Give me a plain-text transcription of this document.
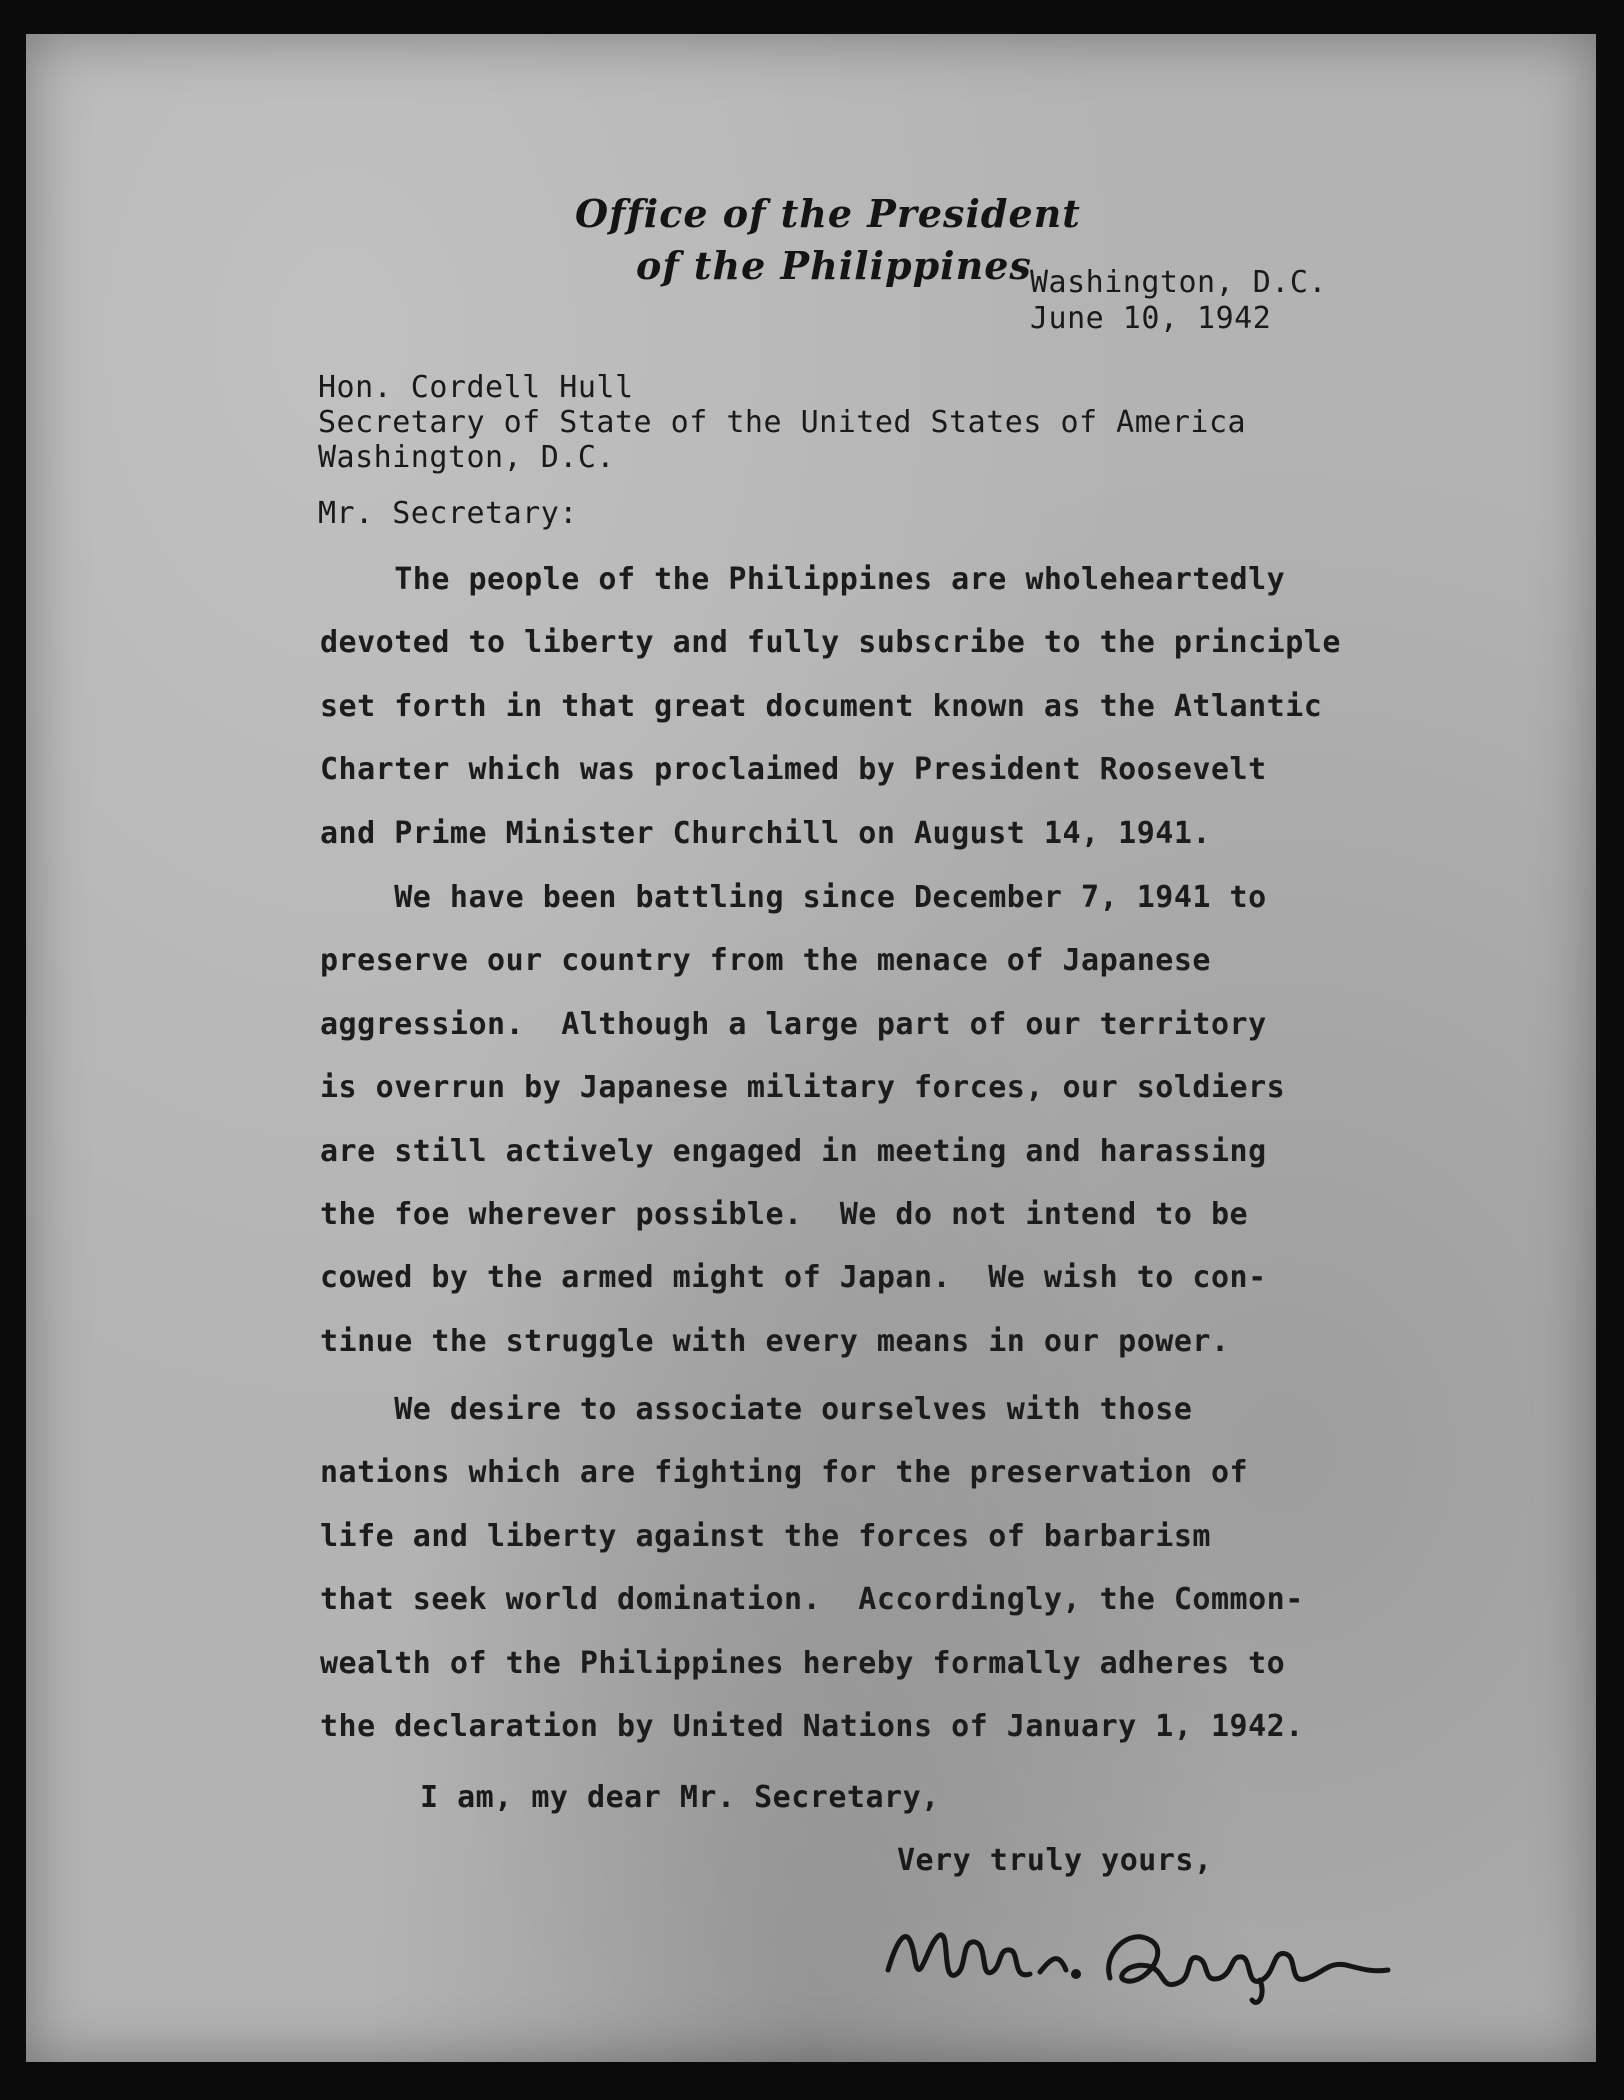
Office of the President
of the Philippines
Washington, D.C.
June 10, 1942
Hon. Cordell Hull
Secretary of State of the United States of America
Washington, D.C.
Mr. Secretary:
The people of the Philippines are wholeheartedly
devoted to liberty and fully subscribe to the principle
set forth in that great document known as the Atlantic
Charter which was proclaimed by President Roosevelt
and Prime Minister Churchill on August 14, 1941.
We have been battling since December 7, 1941 to
preserve our country from the menace of Japanese
aggression.  Although a large part of our territory
is overrun by Japanese military forces, our soldiers
are still actively engaged in meeting and harassing
the foe wherever possible.  We do not intend to be
cowed by the armed might of Japan.  We wish to con-
tinue the struggle with every means in our power.
We desire to associate ourselves with those
nations which are fighting for the preservation of
life and liberty against the forces of barbarism
that seek world domination.  Accordingly, the Common-
wealth of the Philippines hereby formally adheres to
the declaration by United Nations of January 1, 1942.
I am, my dear Mr. Secretary,
Very truly yours,
